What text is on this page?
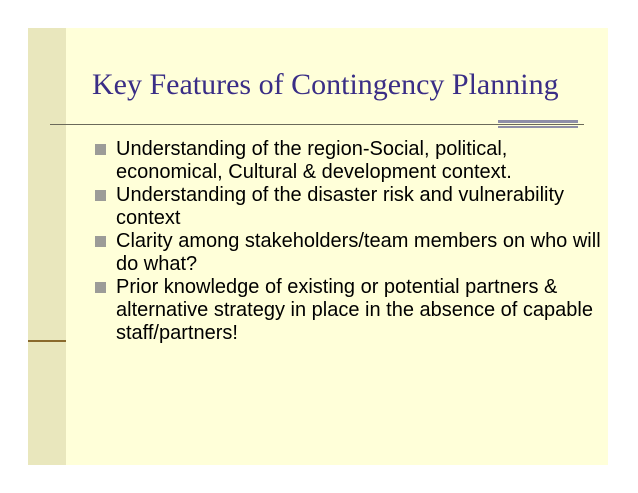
Key Features of Contingency Planning
Understanding of the region-Social, political, economical, Cultural & development context.
Understanding of the disaster risk and vulnerability context
Clarity among stakeholders/team members on who will do what?
Prior knowledge of existing or potential partners & alternative strategy in place in the absence of capable staff/partners!
